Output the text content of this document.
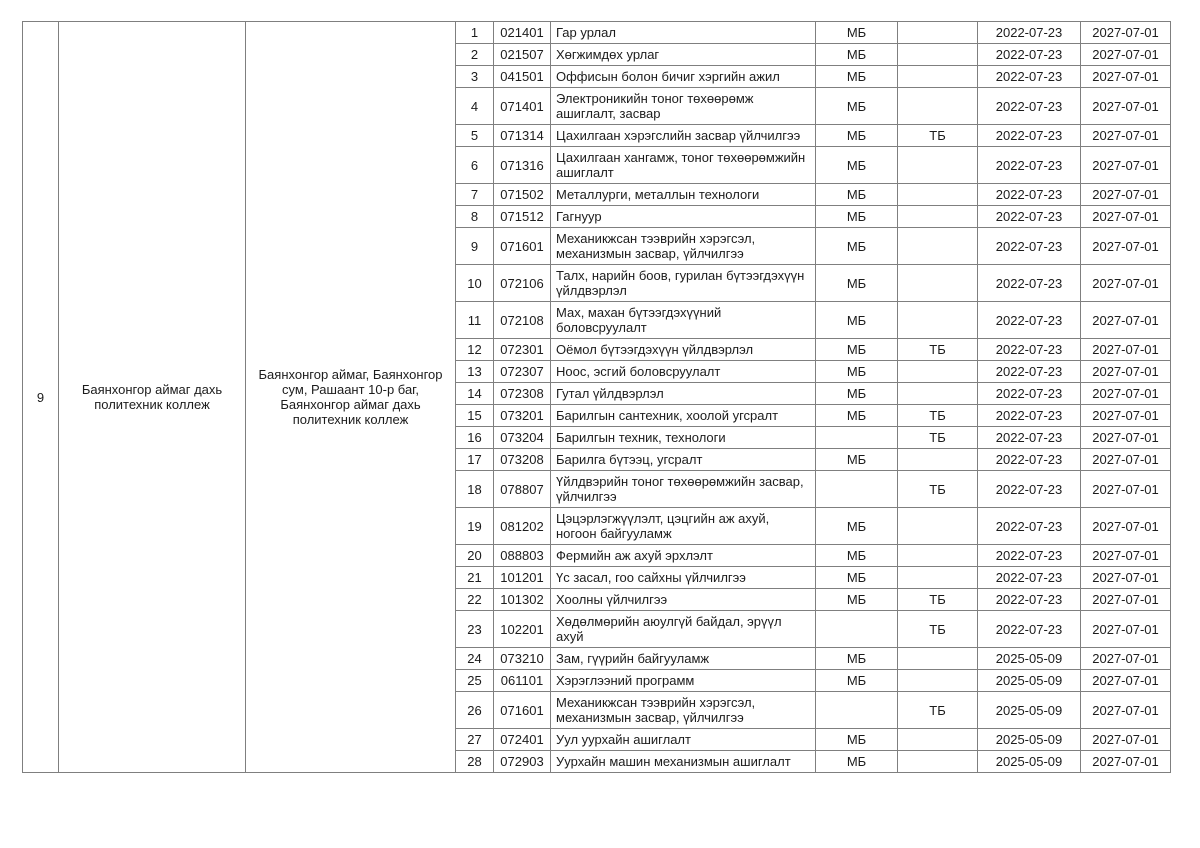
9	Баянхонгор аймаг дахь политехник коллеж	Баянхонгор аймаг, Баянхонгор сум, Рашаант 10-р баг, Баянхонгор аймаг дахь политехник коллеж	1	021401	Гар урлал	МБ		2022-07-23	2027-07-01
			2	021507	Хөгжимдөх урлаг	МБ		2022-07-23	2027-07-01
			3	041501	Оффисын болон бичиг хэргийн ажил	МБ		2022-07-23	2027-07-01
			4	071401	Электроникийн тоног төхөөрөмж ашиглалт, засвар	МБ		2022-07-23	2027-07-01
			5	071314	Цахилгаан хэрэгслийн засвар үйлчилгээ	МБ	ТБ	2022-07-23	2027-07-01
			6	071316	Цахилгаан хангамж, тоног төхөөрөмжийн ашиглалт	МБ		2022-07-23	2027-07-01
			7	071502	Металлурги, металлын технологи	МБ		2022-07-23	2027-07-01
			8	071512	Гагнуур	МБ		2022-07-23	2027-07-01
			9	071601	Механикжсан тээврийн хэрэгсэл, механизмын засвар, үйлчилгээ	МБ		2022-07-23	2027-07-01
			10	072106	Талх, нарийн боов, гурилан бүтээгдэхүүн үйлдвэрлэл	МБ		2022-07-23	2027-07-01
			11	072108	Мах, махан бүтээгдэхүүний боловсруулалт	МБ		2022-07-23	2027-07-01
			12	072301	Оёмол бүтээгдэхүүн үйлдвэрлэл	МБ	ТБ	2022-07-23	2027-07-01
			13	072307	Ноос, эсгий боловсруулалт	МБ		2022-07-23	2027-07-01
			14	072308	Гутал үйлдвэрлэл	МБ		2022-07-23	2027-07-01
			15	073201	Барилгын сантехник, хоолой угсралт	МБ	ТБ	2022-07-23	2027-07-01
			16	073204	Барилгын техник, технологи		ТБ	2022-07-23	2027-07-01
			17	073208	Барилга бүтээц, угсралт	МБ		2022-07-23	2027-07-01
			18	078807	Үйлдвэрийн тоног төхөөрөмжийн засвар, үйлчилгээ		ТБ	2022-07-23	2027-07-01
			19	081202	Цэцэрлэгжүүлэлт, цэцгийн аж ахуй, ногоон байгууламж	МБ		2022-07-23	2027-07-01
			20	088803	Фермийн аж ахуй эрхлэлт	МБ		2022-07-23	2027-07-01
			21	101201	Үс засал, гоо сайхны үйлчилгээ	МБ		2022-07-23	2027-07-01
			22	101302	Хоолны үйлчилгээ	МБ	ТБ	2022-07-23	2027-07-01
			23	102201	Хөдөлмөрийн аюулгүй байдал, эрүүл ахуй		ТБ	2022-07-23	2027-07-01
			24	073210	Зам, гүүрийн байгууламж	МБ		2025-05-09	2027-07-01
			25	061101	Хэрэглээний программ	МБ		2025-05-09	2027-07-01
			26	071601	Механикжсан тээврийн хэрэгсэл, механизмын засвар, үйлчилгээ		ТБ	2025-05-09	2027-07-01
			27	072401	Уул уурхайн ашиглалт	МБ		2025-05-09	2027-07-01
			28	072903	Уурхайн машин механизмын ашиглалт	МБ		2025-05-09	2027-07-01
